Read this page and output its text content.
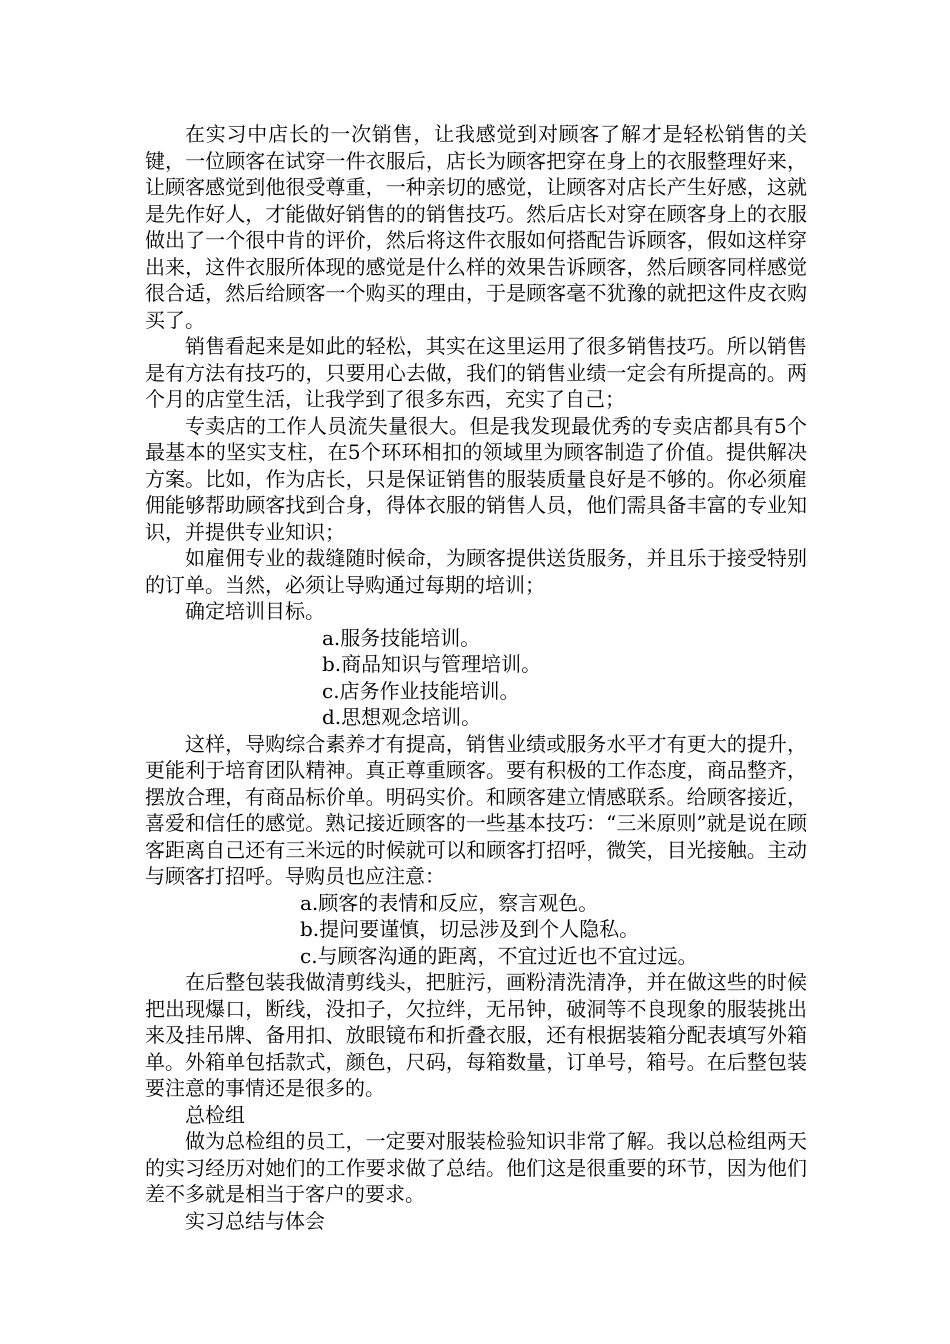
在实习中店长的一次销售，让我感觉到对顾客了解才是轻松销售的关键，一位顾客在试穿一件衣服后，店长为顾客把穿在身上的衣服整理好来，让顾客感觉到他很受尊重，一种亲切的感觉，让顾客对店长产生好感，这就是先作好人，才能做好销售的的销售技巧。然后店长对穿在顾客身上的衣服做出了一个很中肯的评价，然后将这件衣服如何搭配告诉顾客，假如这样穿出来，这件衣服所体现的感觉是什么样的效果告诉顾客，然后顾客同样感觉很合适，然后给顾客一个购买的理由，于是顾客毫不犹豫的就把这件皮衣购买了。

销售看起来是如此的轻松，其实在这里运用了很多销售技巧。所以销售是有方法有技巧的，只要用心去做，我们的销售业绩一定会有所提高的。两个月的店堂生活，让我学到了很多东西，充实了自己；

专卖店的工作人员流失量很大。但是我发现最优秀的专卖店都具有5个最基本的坚实支柱，在5个环环相扣的领域里为顾客制造了价值。提供解决方案。比如，作为店长，只是保证销售的服装质量良好是不够的。你必须雇佣能够帮助顾客找到合身，得体衣服的销售人员，他们需具备丰富的专业知识，并提供专业知识；

如雇佣专业的裁缝随时候命，为顾客提供送货服务，并且乐于接受特别的订单。当然，必须让导购通过每期的培训；

确定培训目标。

a.服务技能培训。
b.商品知识与管理培训。
c.店务作业技能培训。
d.思想观念培训。

这样，导购综合素养才有提高，销售业绩或服务水平才有更大的提升，更能利于培育团队精神。真正尊重顾客。要有积极的工作态度，商品整齐，摆放合理，有商品标价单。明码实价。和顾客建立情感联系。给顾客接近，喜爱和信任的感觉。熟记接近顾客的一些基本技巧：“三米原则”就是说在顾客距离自己还有三米远的时候就可以和顾客打招呼，微笑，目光接触。主动与顾客打招呼。导购员也应注意：

a.顾客的表情和反应，察言观色。
b.提问要谨慎，切忌涉及到个人隐私。
c.与顾客沟通的距离，不宜过近也不宜过远。

在后整包装我做清剪线头，把脏污，画粉清洗清净，并在做这些的时候把出现爆口，断线，没扣子，欠拉绊，无吊钟，破洞等不良现象的服装挑出来及挂吊牌、备用扣、放眼镜布和折叠衣服，还有根据装箱分配表填写外箱单。外箱单包括款式，颜色，尺码，每箱数量，订单号，箱号。在后整包装要注意的事情还是很多的。

总检组

做为总检组的员工，一定要对服装检验知识非常了解。我以总检组两天的实习经历对她们的工作要求做了总结。他们这是很重要的环节，因为他们差不多就是相当于客户的要求。

实习总结与体会
